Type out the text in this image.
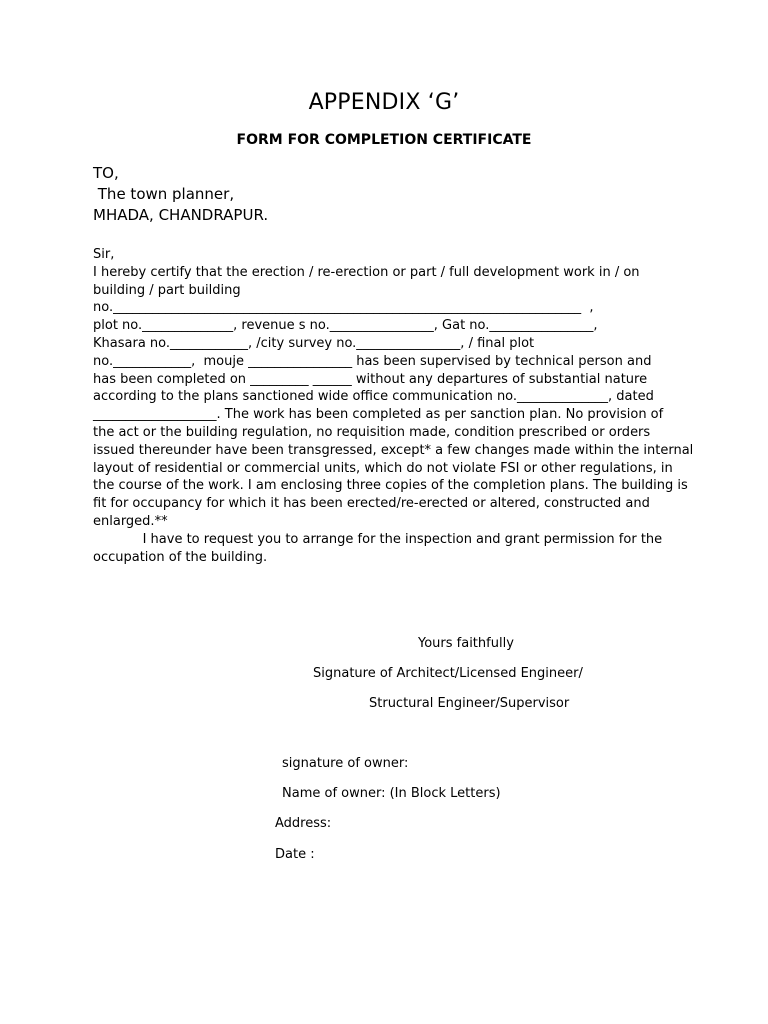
APPENDIX ‘G’
FORM FOR COMPLETION CERTIFICATE
TO,
The town planner,
MHADA, CHANDRAPUR.
Sir,
I hereby certify that the erection / re-erection or part / full development work in / on
building / part building
no.________________________________________________________________________  ,
plot no.______________, revenue s no.________________, Gat no.________________,
Khasara no.____________, /city survey no.________________, / final plot
no.____________,  mouje ________________ has been supervised by technical person and
has been completed on _________ ______ without any departures of substantial nature
according to the plans sanctioned wide office communication no.______________, dated
___________________. The work has been completed as per sanction plan. No provision of
the act or the building regulation, no requisition made, condition prescribed or orders
issued thereunder have been transgressed, except* a few changes made within the internal
layout of residential or commercial units, which do not violate FSI or other regulations, in
the course of the work. I am enclosing three copies of the completion plans. The building is
fit for occupancy for which it has been erected/re-erected or altered, constructed and
enlarged.**
I have to request you to arrange for the inspection and grant permission for the
occupation of the building.
Yours faithfully
Signature of Architect/Licensed Engineer/
Structural Engineer/Supervisor
signature of owner:
Name of owner: (In Block Letters)
Address:
Date :
